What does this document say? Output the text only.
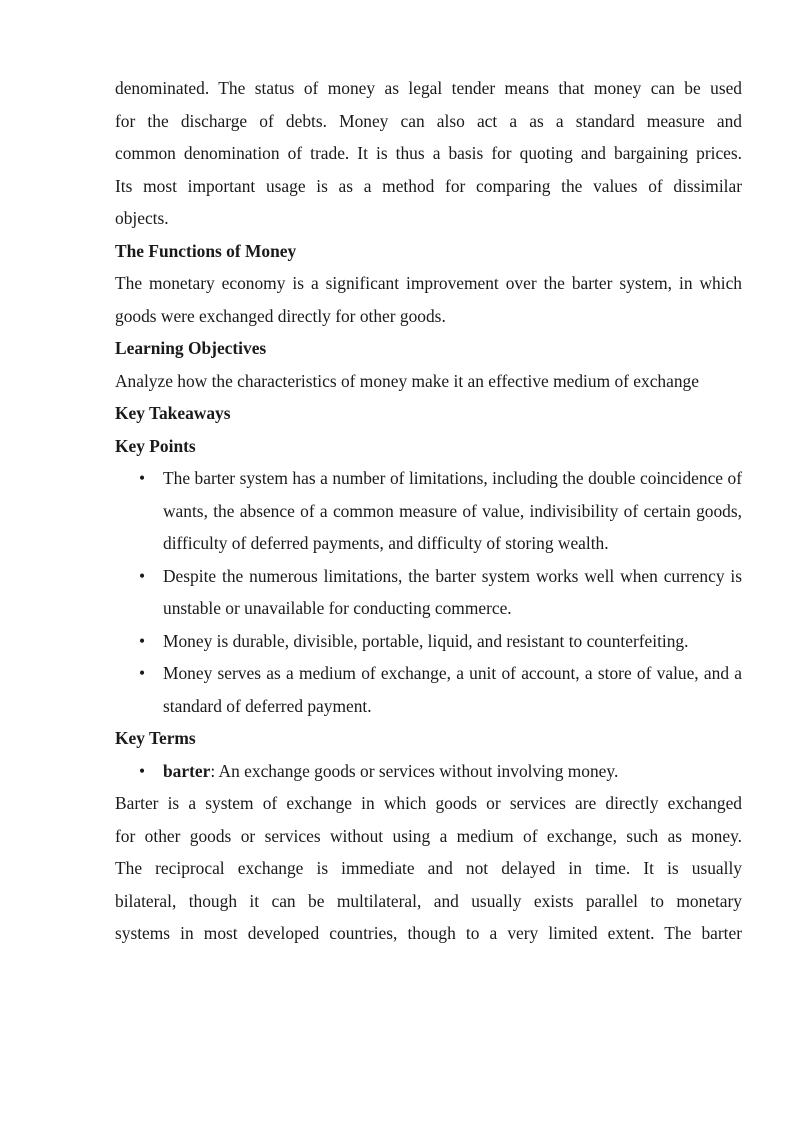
denominated. The status of money as legal tender means that money can be used

for the discharge of debts. Money can also act a as a standard measure and

common denomination of trade. It is thus a basis for quoting and bargaining prices.

Its most important usage is as a method for comparing the values of dissimilar

objects.

The Functions of Money

The monetary economy is a significant improvement over the barter system, in which goods were exchanged directly for other goods.

Learning Objectives

Analyze how the characteristics of money make it an effective medium of exchange

Key Takeaways
Key Points
• The barter system has a number of limitations, including the double coincidence of wants, the absence of a common measure of value, indivisibility of certain goods, difficulty of deferred payments, and difficulty of storing wealth.
• Despite the numerous limitations, the barter system works well when currency is unstable or unavailable for conducting commerce.
• Money is durable, divisible, portable, liquid, and resistant to counterfeiting.
• Money serves as a medium of exchange, a unit of account, a store of value, and a standard of deferred payment.
Key Terms
• barter: An exchange goods or services without involving money.

Barter is a system of exchange in which goods or services are directly exchanged

for other goods or services without using a medium of exchange, such as money.

The reciprocal exchange is immediate and not delayed in time. It is usually

bilateral, though it can be multilateral, and usually exists parallel to monetary

systems in most developed countries, though to a very limited extent. The barter
